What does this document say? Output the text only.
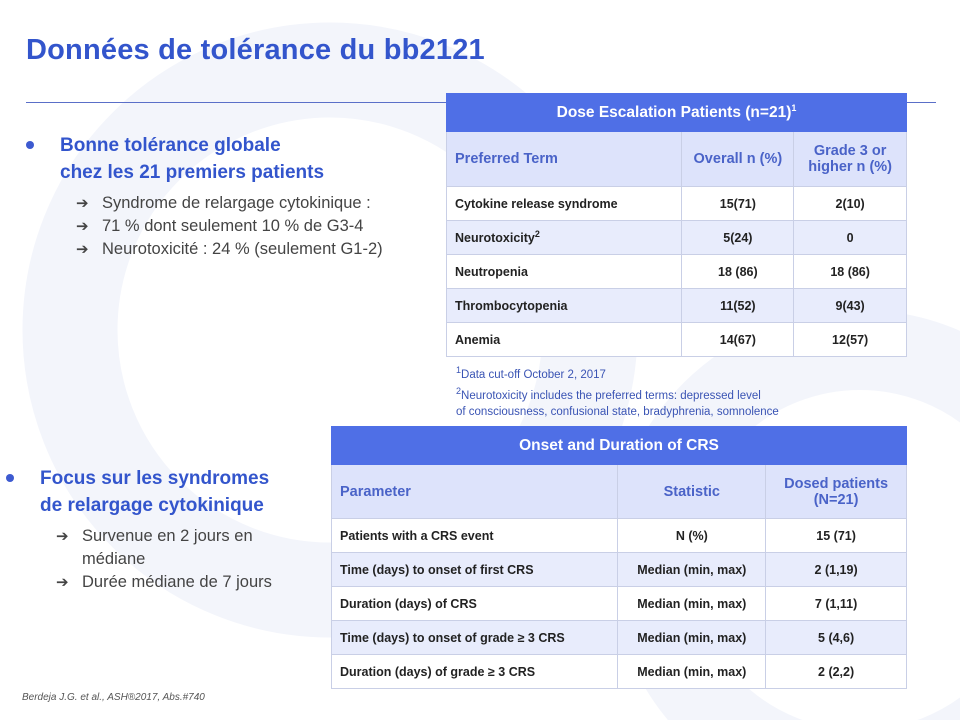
Données de tolérance du bb2121
Bonne tolérance globale
chez les 21 premiers patients
➔ Syndrome de relargage cytokinique :
➔ 71 % dont seulement 10 % de G3-4
➔ Neurotoxicité : 24 % (seulement G1-2)
Focus sur les syndromes
de relargage cytokinique
➔ Survenue en 2 jours en
médiane
➔ Durée médiane de 7 jours
Dose Escalation Patients (n=21)$^1$
Preferred Term	Overall n (%)	Grade 3 or higher n (%)
Cytokine release syndrome	15(71)	2(10)
Neurotoxicity$^2$	5(24)	0
Neutropenia	18 (86)	18 (86)
Thrombocytopenia	11(52)	9(43)
Anemia	14(67)	12(57)
$^1$Data cut-off October 2, 2017
$^2$Neurotoxicity includes the preferred terms: depressed level
of consciousness, confusional state, bradyphrenia, somnolence
Onset and Duration of CRS		
Parameter	Statistic	Dosed patients (N=21)
Patients with a CRS event	N (%)	15 (71)
Time (days) to onset of first CRS	Median (min, max)	2 (1,19)
Duration (days) of CRS	Median (min, max)	7 (1,11)
Time (days) to onset of grade ≥ 3 CRS	Median (min, max)	5 (4,6)
Duration (days) of grade ≥ 3 CRS	Median (min, max)	2 (2,2)
Berdeja J.G. et al., ASH®2017, Abs.#740
